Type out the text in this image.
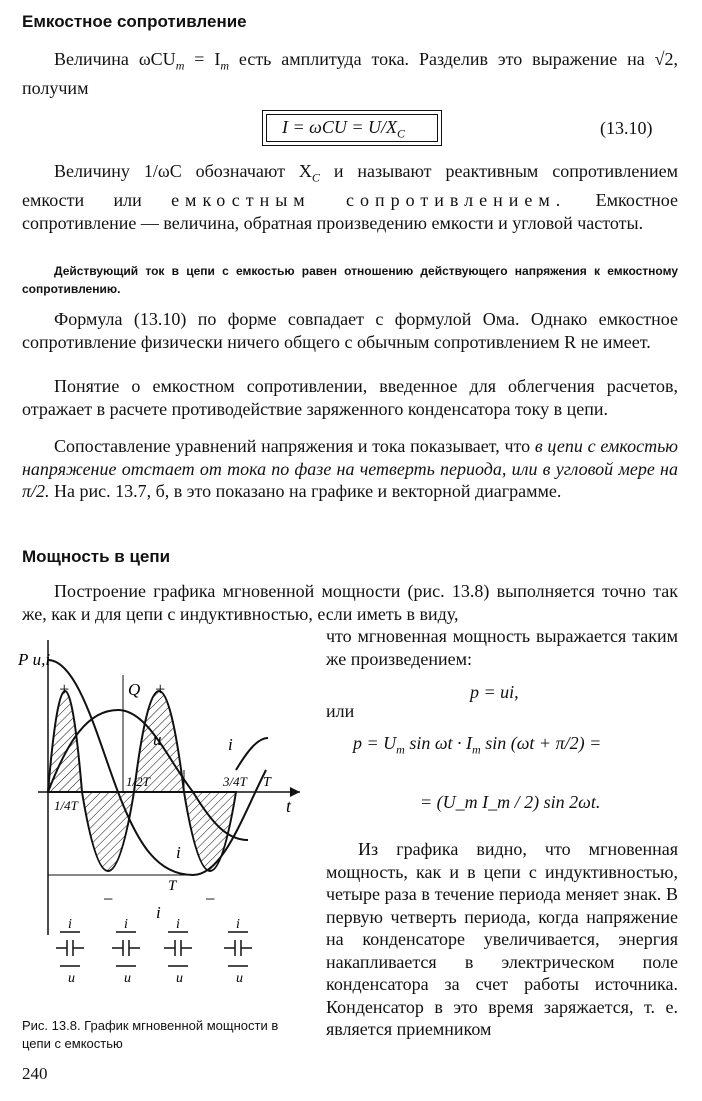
Емкостное сопротивление

Величина $\omega CU_m = I_m$ есть амплитуда тока. Разделив это выражение на √2, получим

$I = \omega CU = U/X_C$	(13.10)

Величину 1/ωC обозначают $X_C$ и называют реактивным сопротивлением емкости или емкостным сопротивлением. Емкостное сопротивление — величина, обратная произведению емкости и угловой частоты.

Действующий ток в цепи с емкостью равен отношению действующего напряжения к емкостному сопротивлению.

Формула (13.10) по форме совпадает с формулой Ома. Однако емкостное сопротивление физически ничего общего с обычным сопротивлением R не имеет.

Понятие о емкостном сопротивлении, введенное для облегчения расчетов, отражает в расчете противодействие заряженного конденсатора току в цепи.

Сопоставление уравнений напряжения и тока показывает, что в цепи с емкостью напряжение отстает от тока по фазе на четверть периода, или в угловой мере на π/2. На рис. 13.7, б, в это показано на графике и векторной диаграмме.

Мощность в цепи

Построение графика мгновенной мощности (рис. 13.8) выполняется точно так же, как и для цепи с индуктивностью, если иметь в виду,

что мгновенная мощность выражается таким же произведением:

p = ui,

или

$p = U_m$ $\sin \omega t \cdot I_m$ sin (ωt + π/2) =

= (U_m I_m / 2) sin 2ωt.

Из графика видно, что мгновенная мощность, как и в цепи с индуктивностью, четыре раза в течение периода меняет знак. В первую четверть периода, когда напряжение на конденсаторе увеличивается, энергия накапливается в электрическом поле конденсатора за счет работы источника. Конденсатор в это время заряжается, т. е. является приемником

Р u,i
Q
u	i
i
i
t
T
T
1/4T
1/2T	3/4T
+	+
−	−
i	i	i	i
u	u	u	u

Рис. 13.8. График мгновенной мощности в цепи с емкостью

240
